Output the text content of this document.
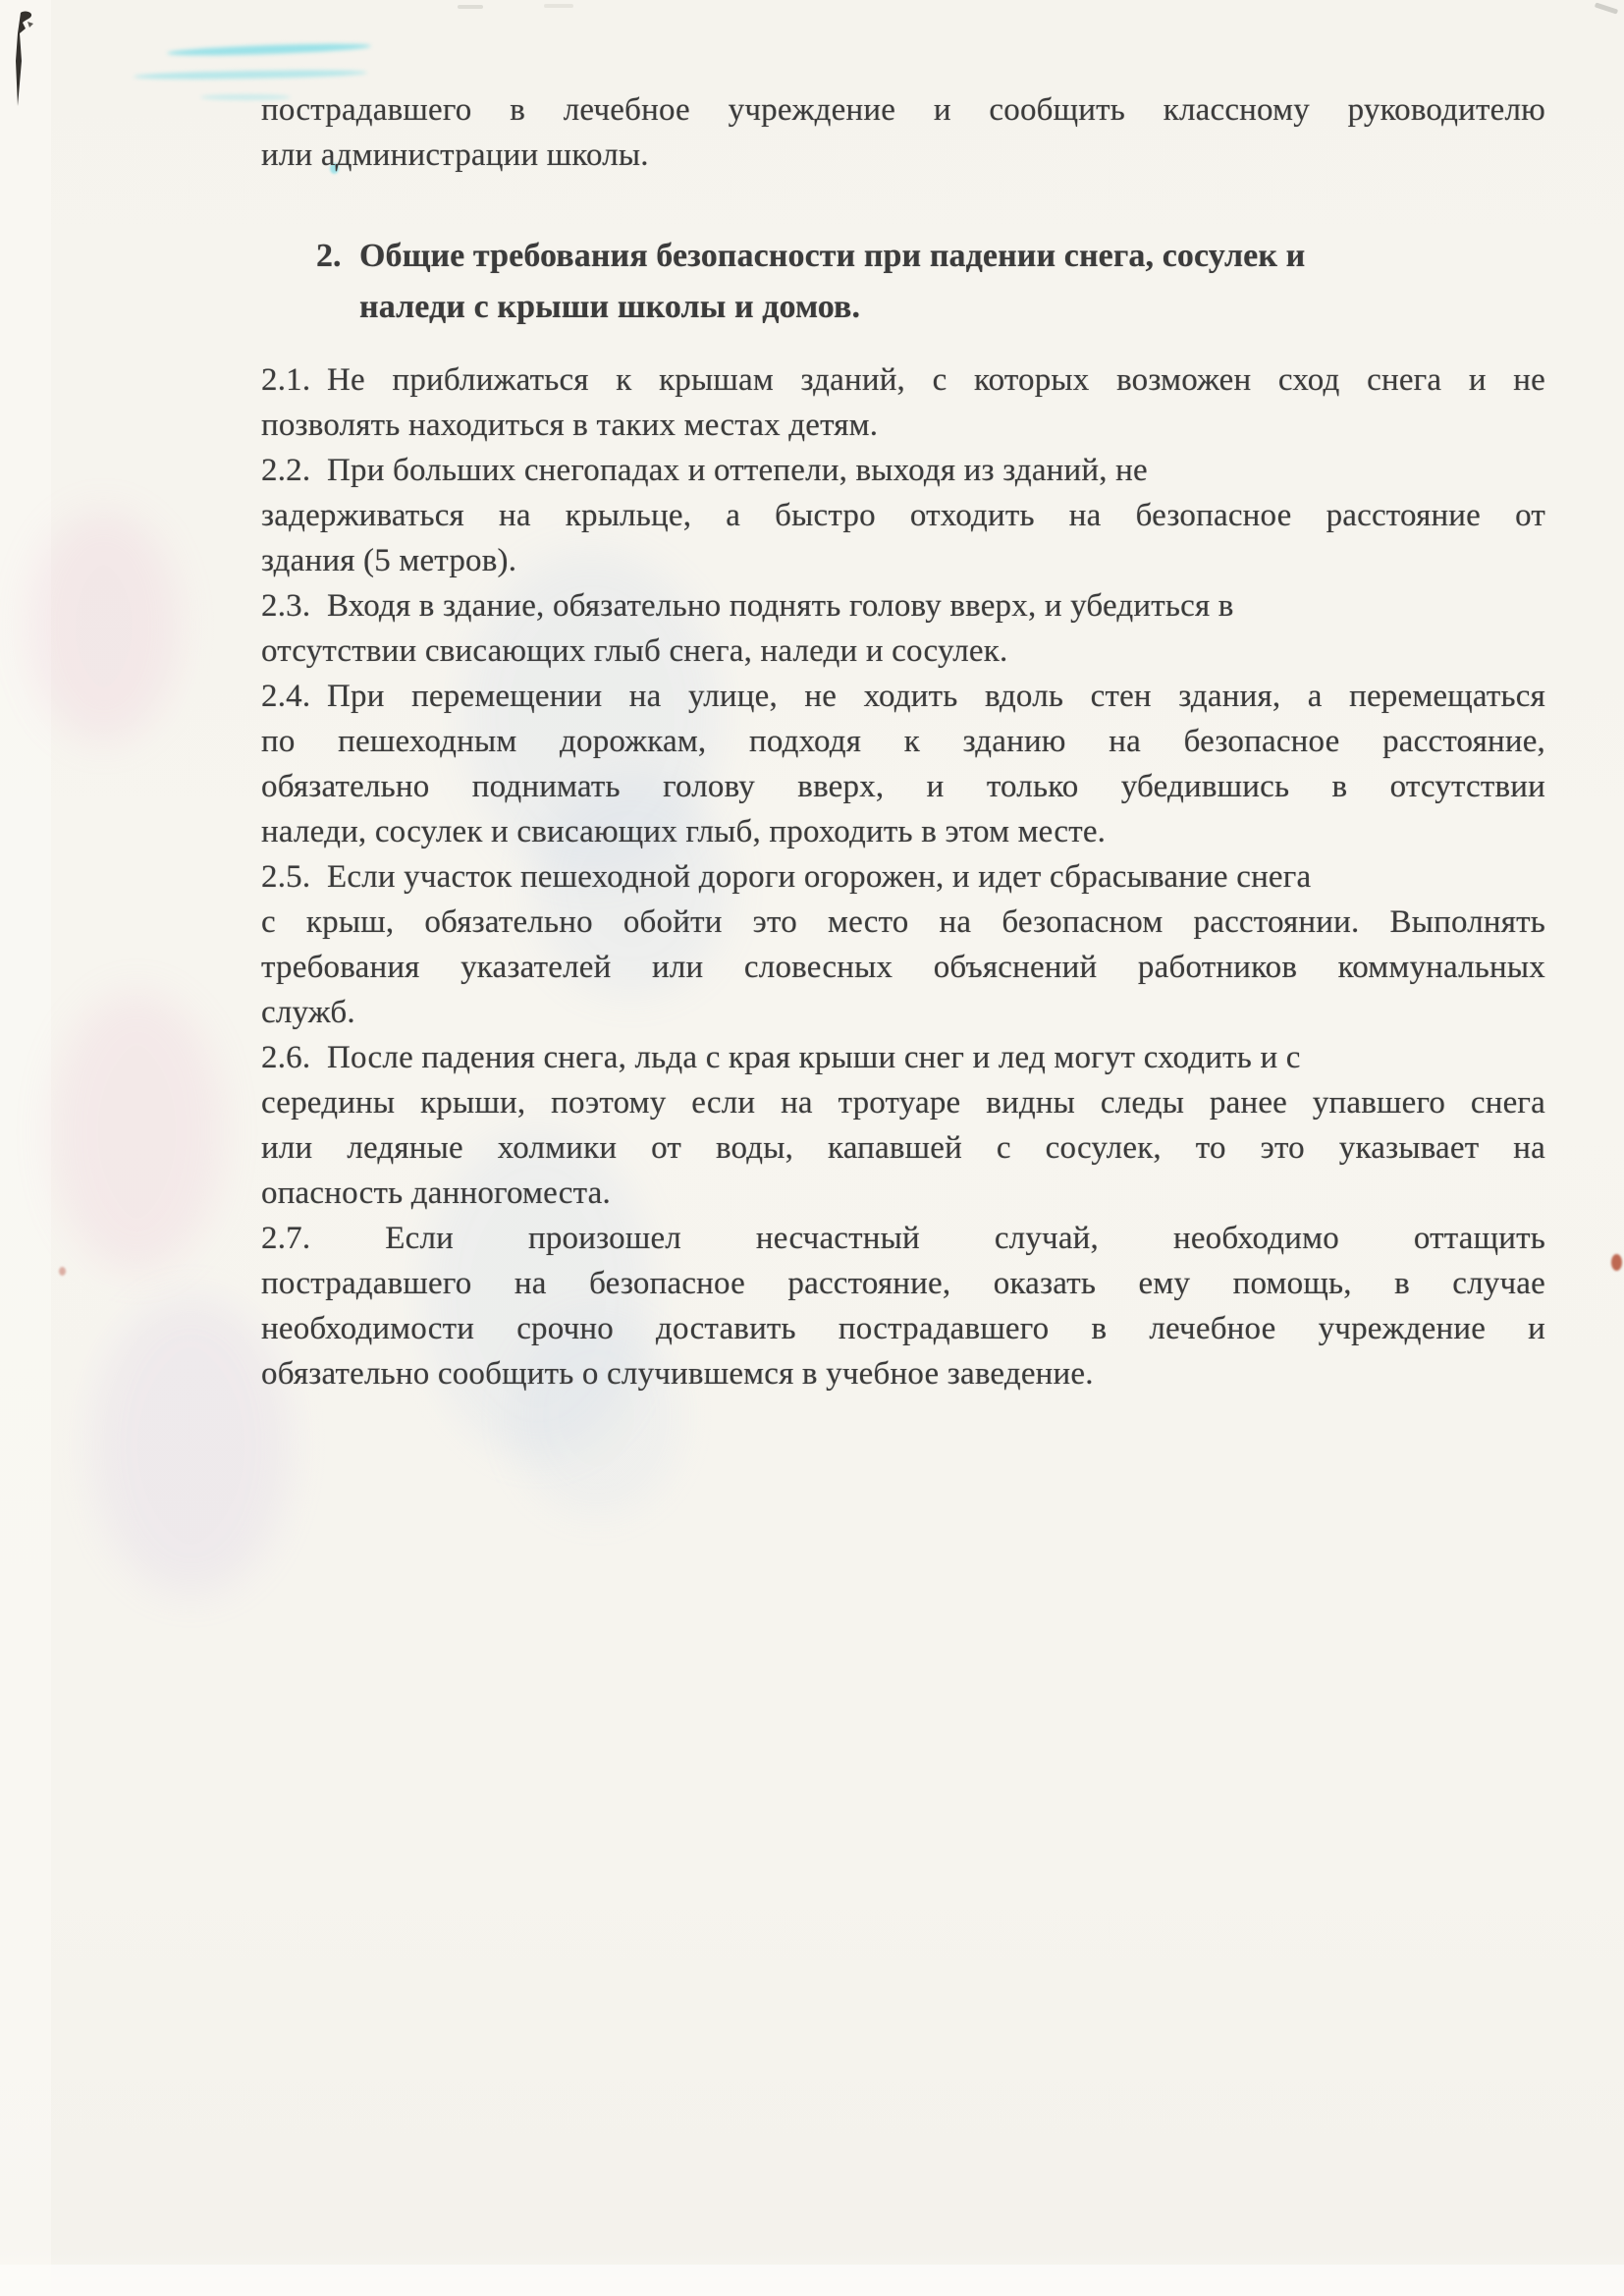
пострадавшего в лечебное учреждение и сообщить классному руководителю
или администрации школы.
2. Общие требования безопасности при падении снега, сосулек и
наледи с крыши школы и домов.
2.1. Не приближаться к крышам зданий, с которых возможен сход снега и не
позволять находиться в таких местах детям.
2.2. При больших снегопадах и оттепели, выходя из зданий, не
задерживаться на крыльце, а быстро отходить на безопасное расстояние от
здания (5 метров).
2.3. Входя в здание, обязательно поднять голову вверх, и убедиться в
отсутствии свисающих глыб снега, наледи и сосулек.
2.4. При перемещении на улице, не ходить вдоль стен здания, а перемещаться
по пешеходным дорожкам, подходя к зданию на безопасное расстояние,
обязательно поднимать голову вверх, и только убедившись в отсутствии
наледи, сосулек и свисающих глыб, проходить в этом месте.
2.5. Если участок пешеходной дороги огорожен, и идет сбрасывание снега
с крыш, обязательно обойти это место на безопасном расстоянии. Выполнять
требования указателей или словесных объяснений работников коммунальных
служб.
2.6. После падения снега, льда с края крыши снег и лед могут сходить и с
середины крыши, поэтому если на тротуаре видны следы ранее упавшего снега
или ледяные холмики от воды, капавшей с сосулек, то это указывает на
опасность данногоместа.
2.7. Если произошел несчастный случай, необходимо оттащить
пострадавшего на безопасное расстояние, оказать ему помощь, в случае
необходимости срочно доставить пострадавшего в лечебное учреждение и
обязательно сообщить о случившемся в учебное заведение.
